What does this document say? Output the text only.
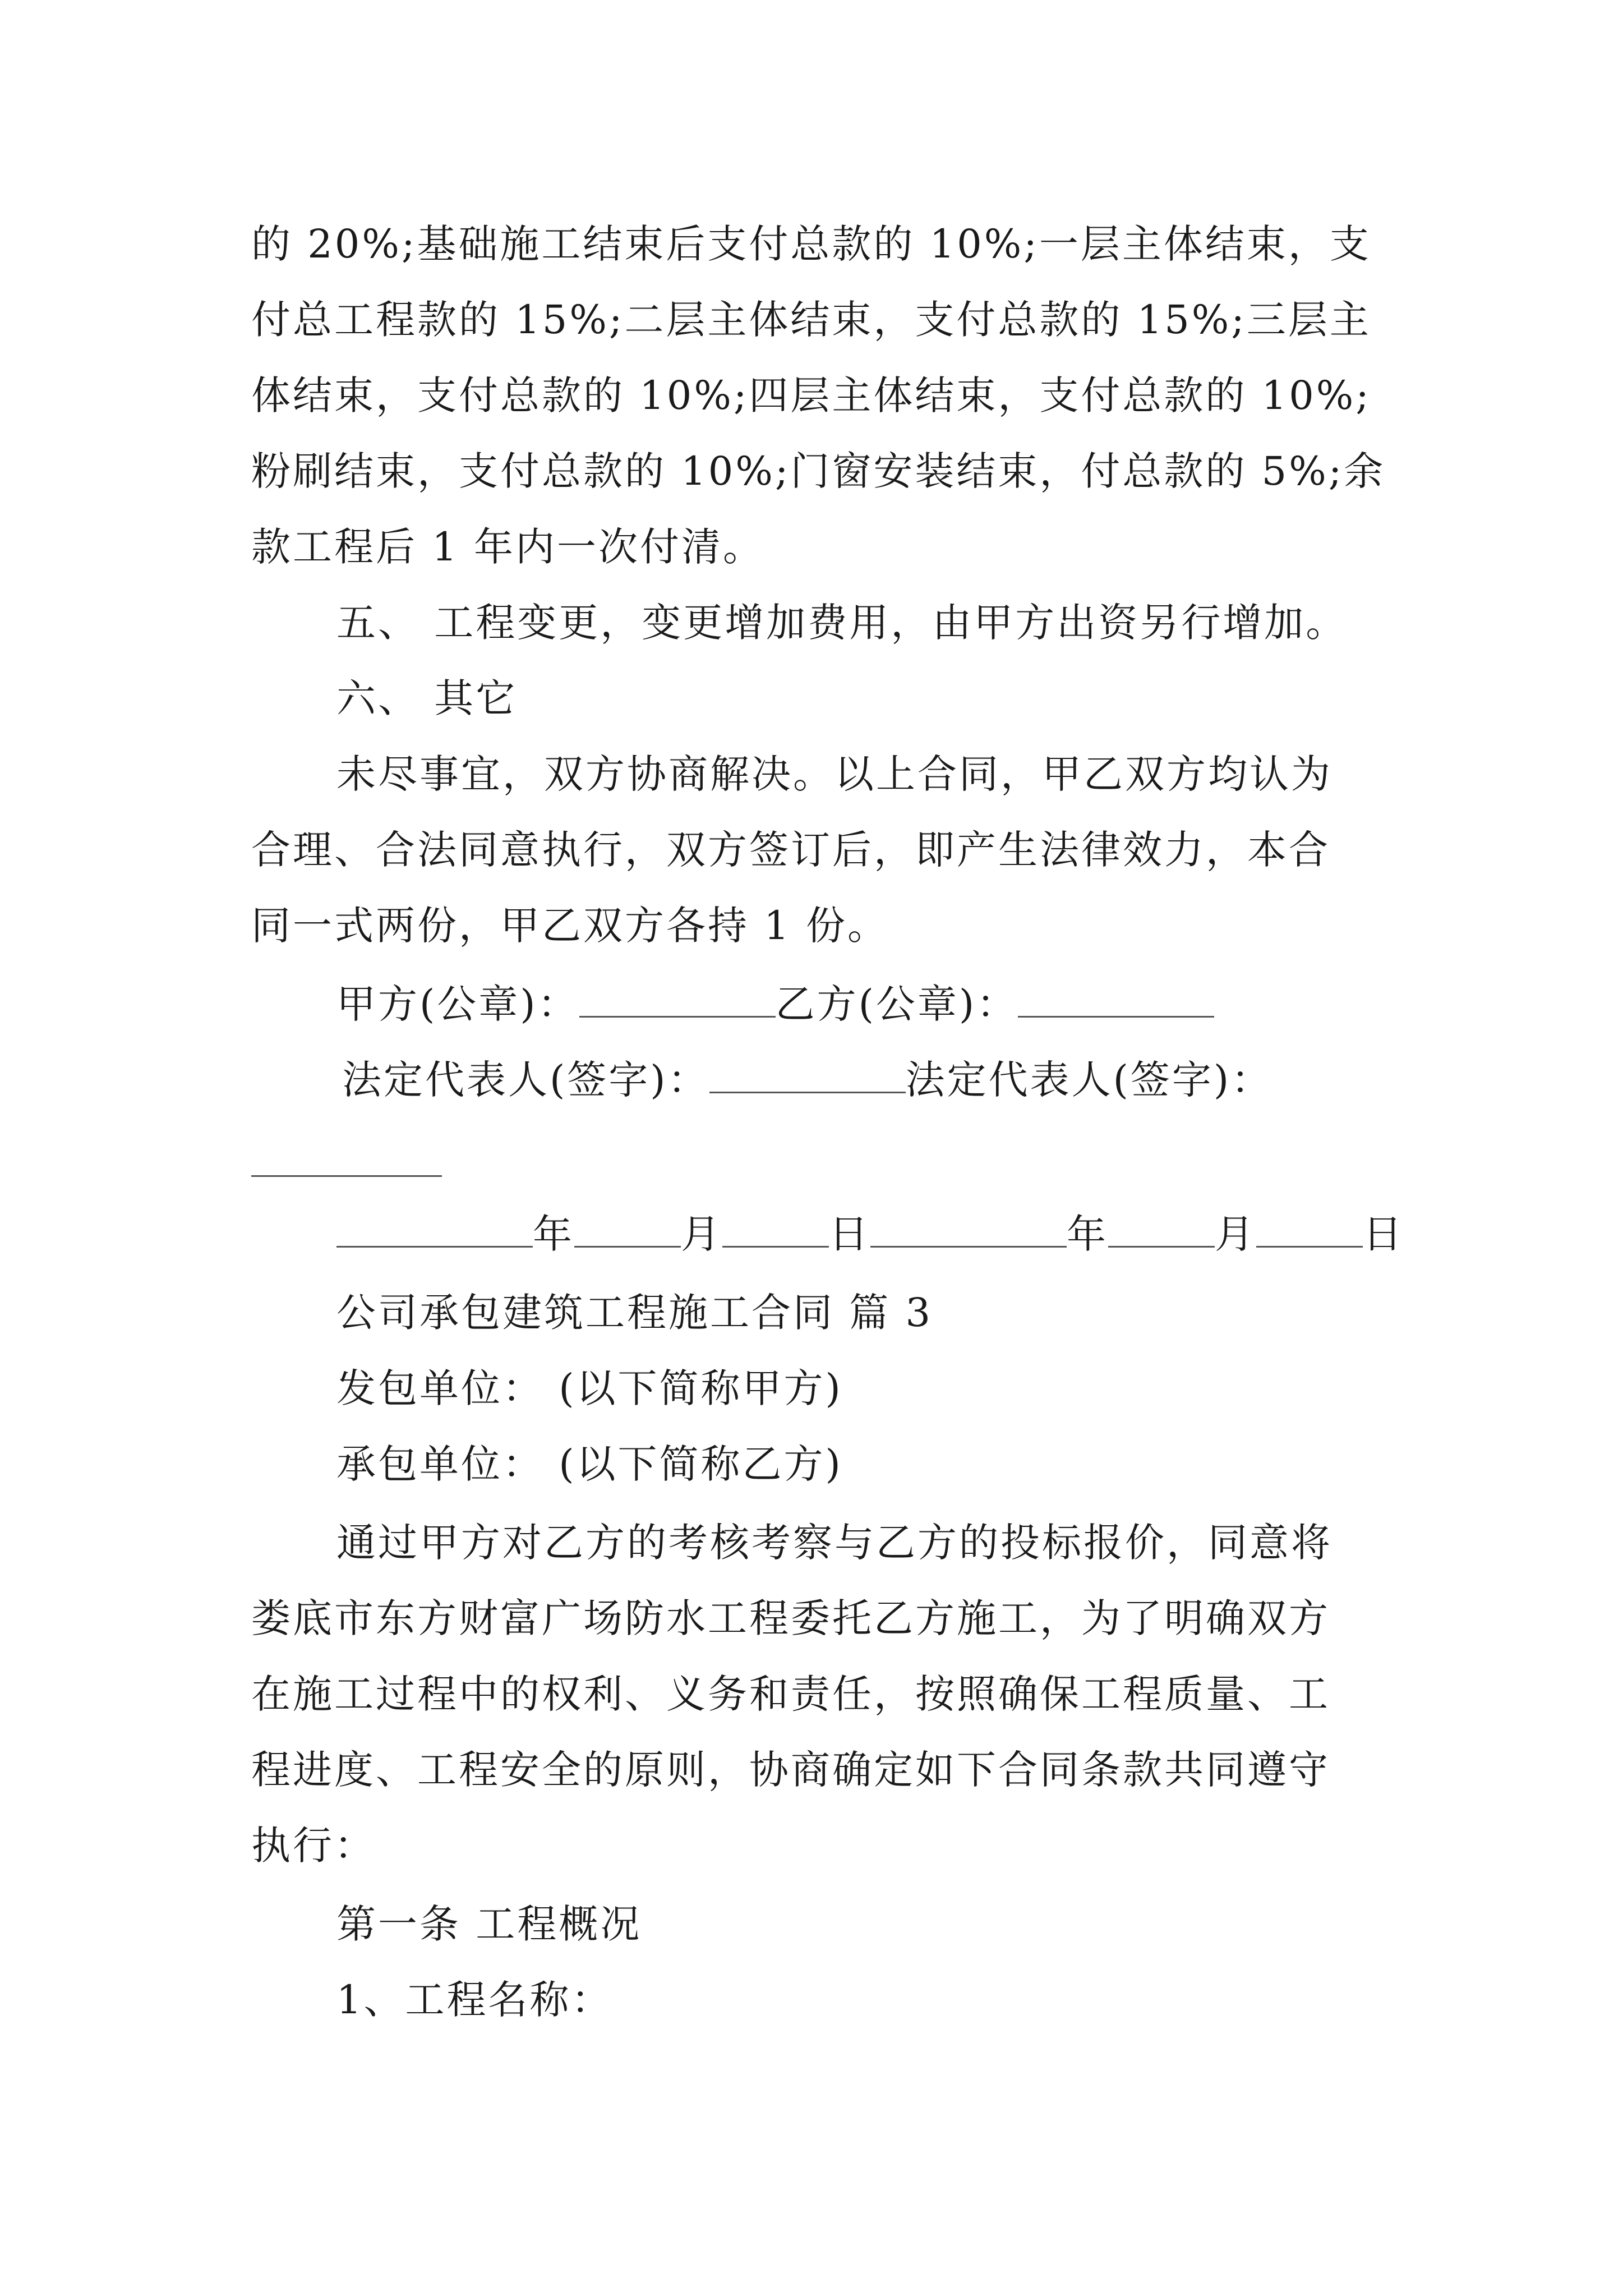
的 20%;基础施工结束后支付总款的 10%;一层主体结束，支
付总工程款的 15%;二层主体结束，支付总款的 15%;三层主
体结束，支付总款的 10%;四层主体结束，支付总款的 10%;
粉刷结束，支付总款的 10%;门窗安装结束，付总款的 5%;余
款工程后 1 年内一次付清。
五、 工程变更，变更增加费用，由甲方出资另行增加。
六、 其它
未尽事宜，双方协商解决。以上合同，甲乙双方均认为
合理、合法同意执行，双方签订后，即产生法律效力，本合
同一式两份，甲乙双方各持 1 份。
甲方(公章)：	乙方(公章)：
法定代表人(签字)：	法定代表人(签字)：
年	月	日	年	月	日
公司承包建筑工程施工合同 篇 3
发包单位： (以下简称甲方)
承包单位： (以下简称乙方)
通过甲方对乙方的考核考察与乙方的投标报价，同意将
娄底市东方财富广场防水工程委托乙方施工，为了明确双方
在施工过程中的权利、义务和责任，按照确保工程质量、工
程进度、工程安全的原则，协商确定如下合同条款共同遵守
执行：
第一条 工程概况
1、工程名称：
